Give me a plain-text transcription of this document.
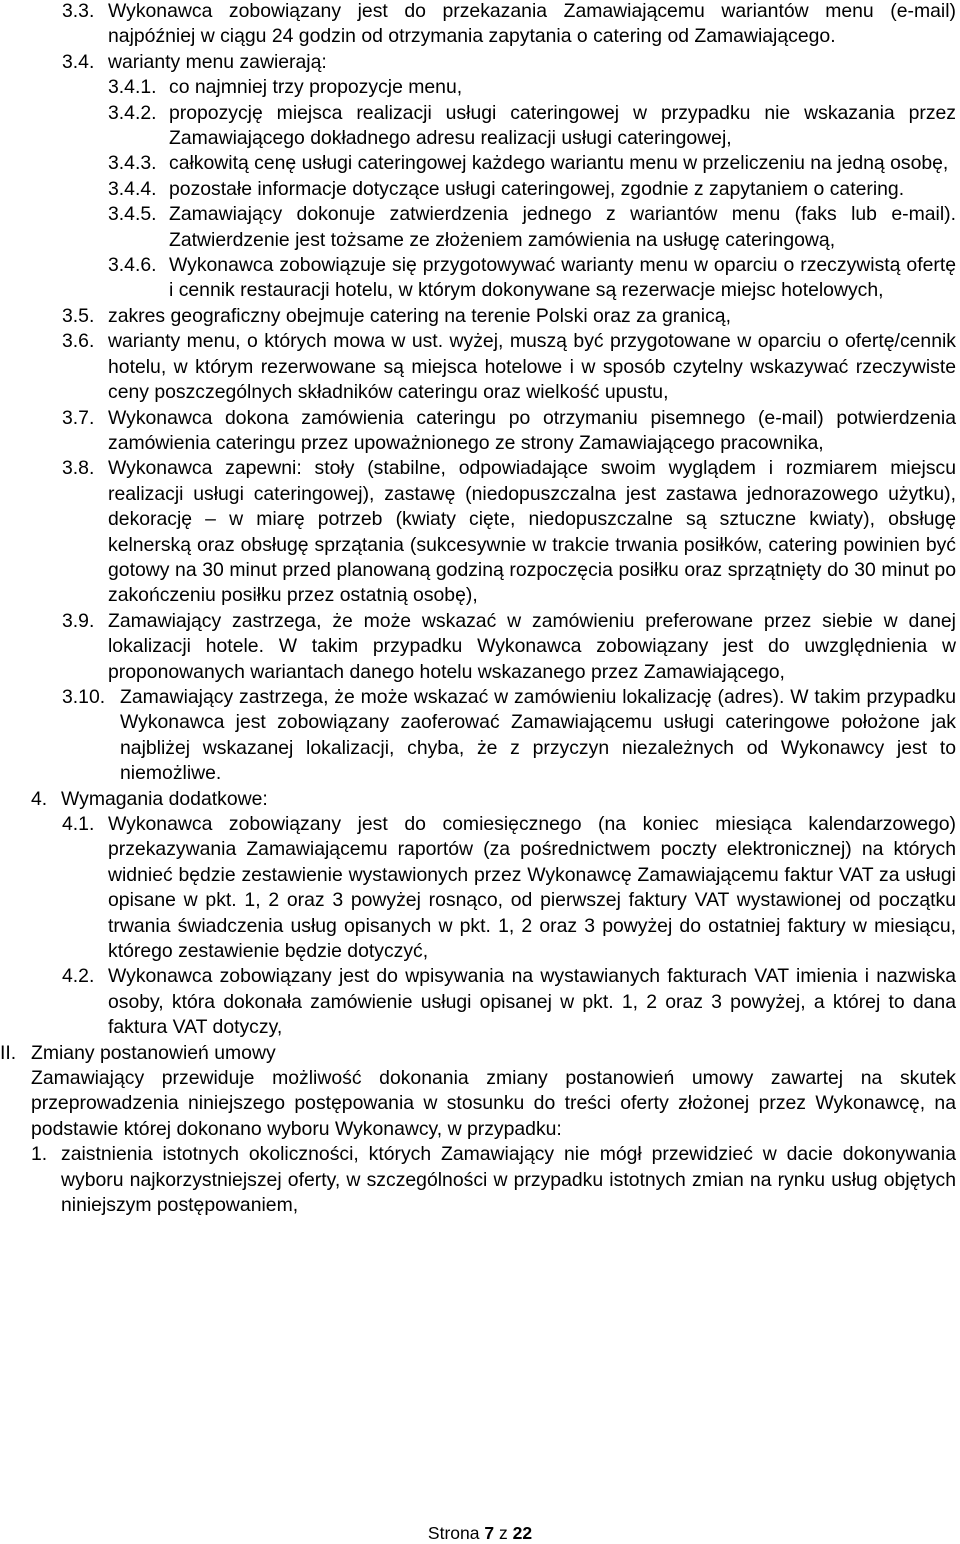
3.3. Wykonawca zobowiązany jest do przekazania Zamawiającemu wariantów menu (e-mail) najpóźniej w ciągu 24 godzin od otrzymania zapytania o catering od Zamawiającego.
3.4. warianty menu zawierają:
3.4.1. co najmniej trzy propozycje menu,
3.4.2. propozycję miejsca realizacji usługi cateringowej w przypadku nie wskazania przez Zamawiającego dokładnego adresu realizacji usługi cateringowej,
3.4.3. całkowitą cenę usługi cateringowej każdego wariantu menu w przeliczeniu na jedną osobę,
3.4.4. pozostałe informacje dotyczące usługi cateringowej, zgodnie z zapytaniem o catering.
3.4.5. Zamawiający dokonuje zatwierdzenia jednego z wariantów menu (faks lub e-mail). Zatwierdzenie jest tożsame ze złożeniem zamówienia na usługę cateringową,
3.4.6. Wykonawca zobowiązuje się przygotowywać warianty menu w oparciu o rzeczywistą ofertę i cennik restauracji hotelu, w którym dokonywane są rezerwacje miejsc hotelowych,
3.5. zakres geograficzny obejmuje catering na terenie Polski oraz za granicą,
3.6. warianty menu, o których mowa w ust. wyżej, muszą być przygotowane w oparciu o ofertę/cennik hotelu, w którym rezerwowane są miejsca hotelowe i w sposób czytelny wskazywać rzeczywiste ceny poszczególnych składników cateringu oraz wielkość upustu,
3.7. Wykonawca dokona zamówienia cateringu po otrzymaniu pisemnego (e-mail) potwierdzenia zamówienia cateringu przez upoważnionego ze strony Zamawiającego pracownika,
3.8. Wykonawca zapewni: stoły (stabilne, odpowiadające swoim wyglądem i rozmiarem miejscu realizacji usługi cateringowej), zastawę (niedopuszczalna jest zastawa jednorazowego użytku), dekorację – w miarę potrzeb (kwiaty cięte, niedopuszczalne są sztuczne kwiaty), obsługę kelnerską oraz obsługę sprzątania (sukcesywnie w trakcie trwania posiłków, catering powinien być gotowy na 30 minut przed planowaną godziną rozpoczęcia posiłku oraz sprzątnięty do 30 minut po zakończeniu posiłku przez ostatnią osobę),
3.9. Zamawiający zastrzega, że może wskazać w zamówieniu preferowane przez siebie w danej lokalizacji hotele. W takim przypadku Wykonawca zobowiązany jest do uwzględnienia w proponowanych wariantach danego hotelu wskazanego przez Zamawiającego,
3.10. Zamawiający zastrzega, że może wskazać w zamówieniu lokalizację (adres). W takim przypadku Wykonawca jest zobowiązany zaoferować Zamawiającemu usługi cateringowe położone jak najbliżej wskazanej lokalizacji, chyba, że z przyczyn niezależnych od Wykonawcy jest to niemożliwe.
4. Wymagania dodatkowe:
4.1. Wykonawca zobowiązany jest do comiesięcznego (na koniec miesiąca kalendarzowego) przekazywania Zamawiającemu raportów (za pośrednictwem poczty elektronicznej) na których widnieć będzie zestawienie wystawionych przez Wykonawcę Zamawiającemu faktur VAT za usługi opisane w pkt. 1, 2 oraz 3 powyżej rosnąco, od pierwszej faktury VAT wystawionej od początku trwania świadczenia usług opisanych w pkt. 1, 2 oraz 3 powyżej do ostatniej faktury w miesiącu, którego zestawienie będzie dotyczyć,
4.2. Wykonawca zobowiązany jest do wpisywania na wystawianych fakturach VAT imienia i nazwiska osoby, która dokonała zamówienie usługi opisanej w pkt. 1, 2 oraz 3 powyżej, a której to dana faktura VAT dotyczy,
II. Zmiany postanowień umowy
Zamawiający przewiduje możliwość dokonania zmiany postanowień umowy zawartej na skutek przeprowadzenia niniejszego postępowania w stosunku do treści oferty złożonej przez Wykonawcę, na podstawie której dokonano wyboru Wykonawcy, w przypadku:
1. zaistnienia istotnych okoliczności, których Zamawiający nie mógł przewidzieć w dacie dokonywania wyboru najkorzystniejszej oferty, w szczególności w przypadku istotnych zmian na rynku usług objętych niniejszym postępowaniem,
Strona 7 z 22
